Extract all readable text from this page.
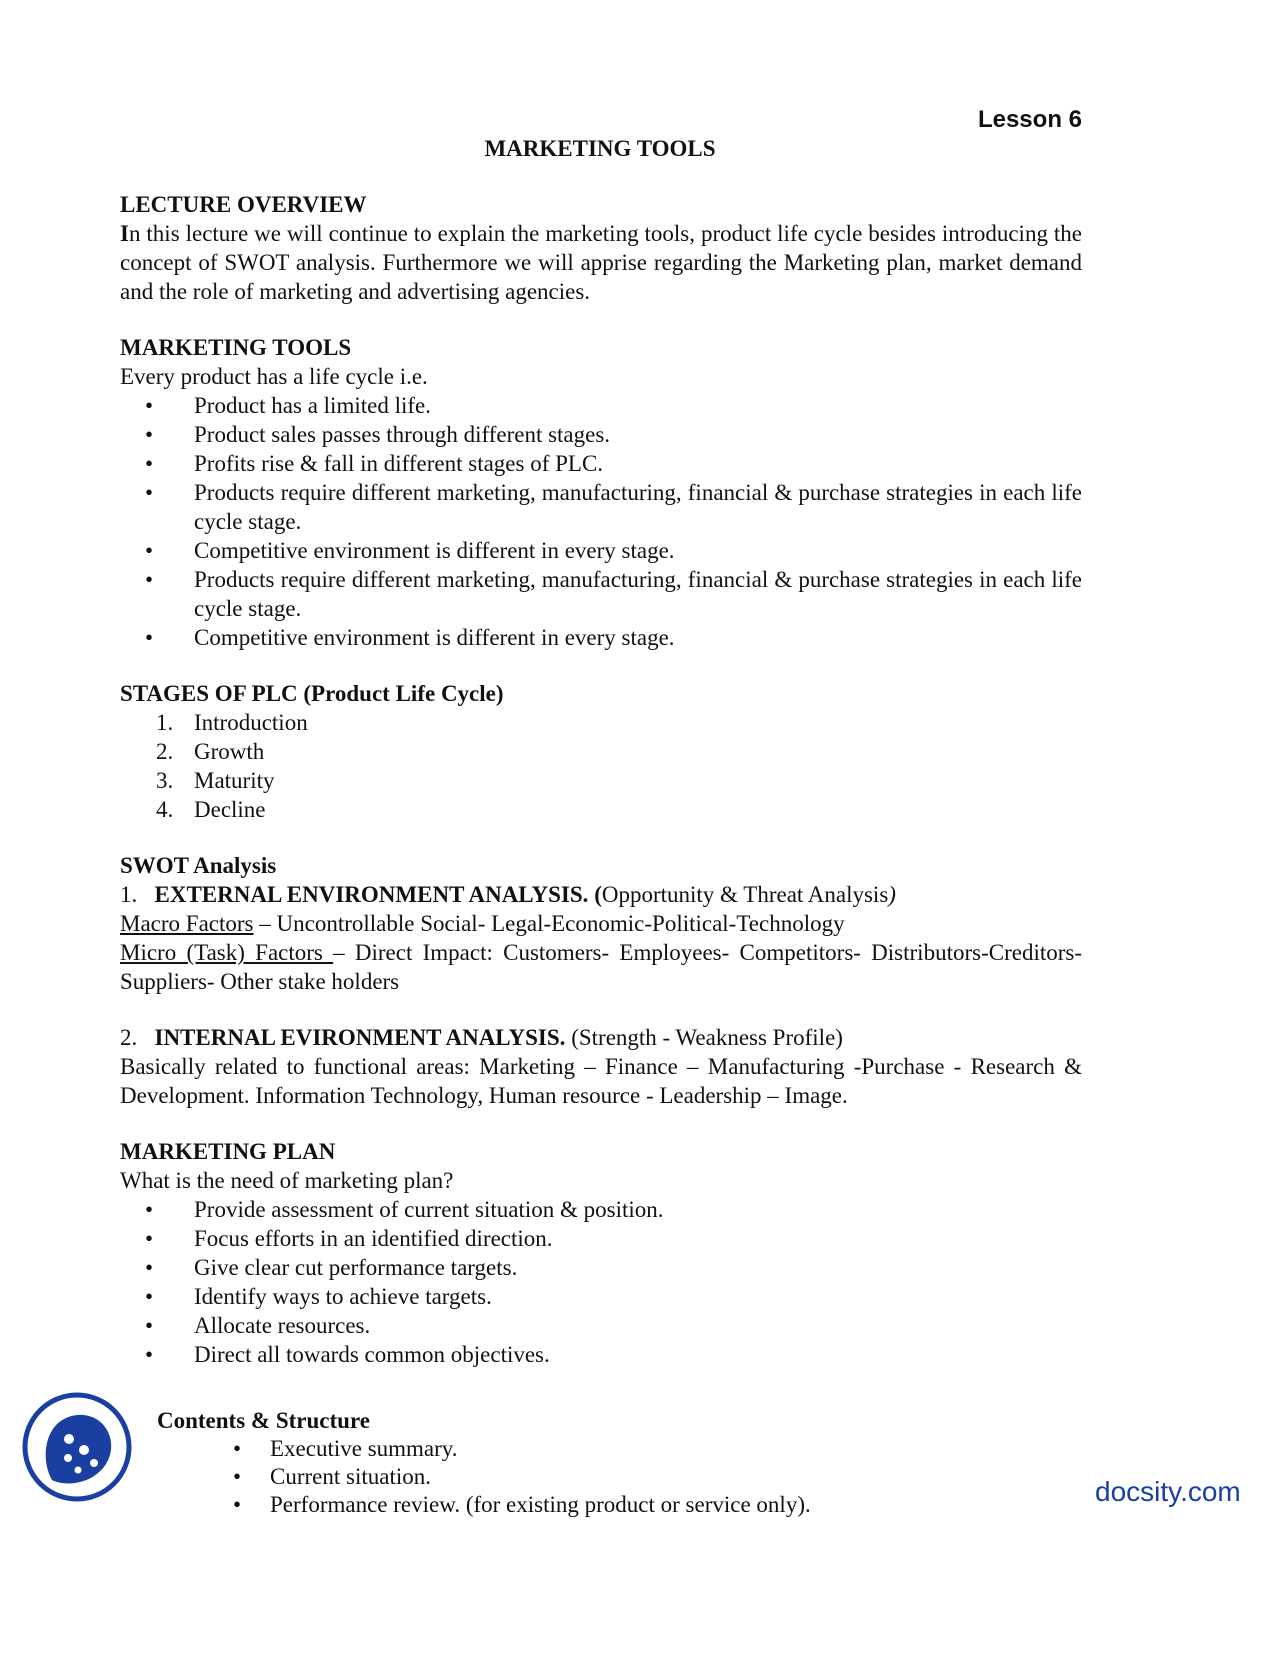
Lesson 6
MARKETING TOOLS

LECTURE OVERVIEW

In this lecture we will continue to explain the marketing tools, product life cycle besides introducing the concept of SWOT analysis. Furthermore we will apprise regarding the Marketing plan, market demand and the role of marketing and advertising agencies.

MARKETING TOOLS

Every product has a life cycle i.e.

• Product has a limited life.
• Product sales passes through different stages.
• Profits rise & fall in different stages of PLC.
• Products require different marketing, manufacturing, financial & purchase strategies in each life cycle stage.
• Competitive environment is different in every stage.
• Products require different marketing, manufacturing, financial & purchase strategies in each life cycle stage.
• Competitive environment is different in every stage.

STAGES OF PLC (Product Life Cycle)

1. Introduction
2. Growth
3. Maturity
4. Decline

SWOT Analysis

1. EXTERNAL ENVIRONMENT ANALYSIS. (Opportunity & Threat Analysis)

Macro Factors – Uncontrollable Social- Legal-Economic-Political-Technology

Micro (Task) Factors – Direct Impact: Customers- Employees- Competitors- Distributors-Creditors-Suppliers- Other stake holders

2. INTERNAL EVIRONMENT ANALYSIS. (Strength - Weakness Profile)

Basically related to functional areas: Marketing – Finance – Manufacturing -Purchase - Research & Development. Information Technology, Human resource - Leadership – Image.

MARKETING PLAN

What is the need of marketing plan?

• Provide assessment of current situation & position.
• Focus efforts in an identified direction.
• Give clear cut performance targets.
• Identify ways to achieve targets.
• Allocate resources.
• Direct all towards common objectives.

Contents & Structure

• Executive summary.
• Current situation.
• Performance review. (for existing product or service only).	docsity.com
